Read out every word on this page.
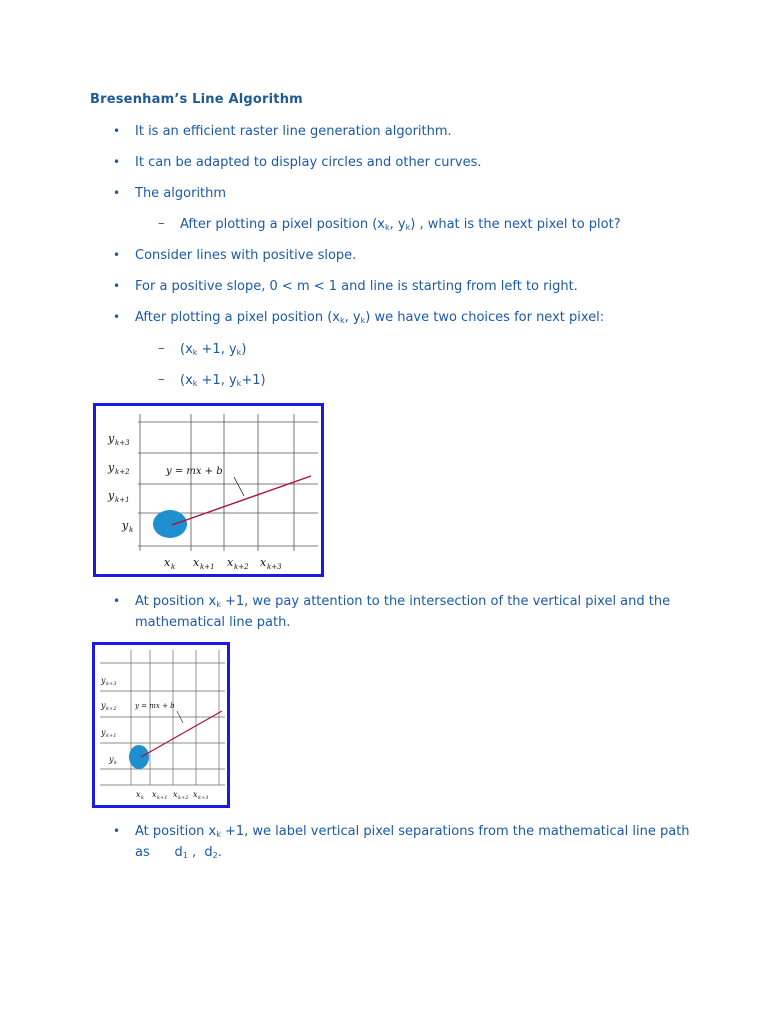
Bresenham’s Line Algorithm
• It is an efficient raster line generation algorithm.
• It can be adapted to display circles and other curves.
• The algorithm
– After plotting a pixel position ($x_k$, $y_k$) , what is the next pixel to plot?
• Consider lines with positive slope.
• For a positive slope, 0 < m < 1 and line is starting from left to right.
• After plotting a pixel position ($x_k$, $y_k$) we have two choices for next pixel:
– ($x_k +1$, $y_k$)
– ($x_k +1$, $y_k+1$)
y = mx + b
y k+3
y k+2
y k+1
y k
x k x k+1 x k+2 x k+3
• At position $x_k +1$, we pay attention to the intersection of the vertical pixel and the mathematical line path.
y = mx + b
y k+3
y k+2
y k+1
y k
x k x k+1 x k+2 x k+3
• At position $x_k +1$, we label vertical pixel separations from the mathematical line path as      $d_1$ ,  $d_2$.
